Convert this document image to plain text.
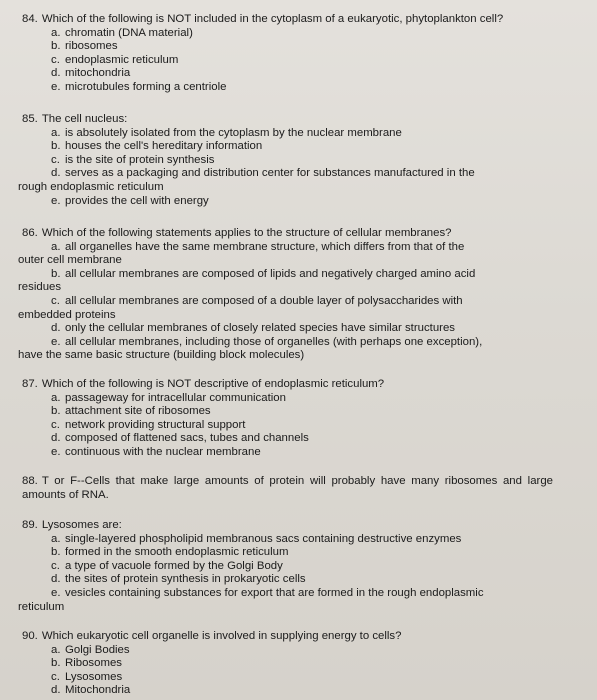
84. Which of the following is NOT included in the cytoplasm of a eukaryotic, phytoplankton cell?
a. chromatin (DNA material)
b. ribosomes
c. endoplasmic reticulum
d. mitochondria
e. microtubules forming a centriole
85. The cell nucleus:
a. is absolutely isolated from the cytoplasm by the nuclear membrane
b. houses the cell's hereditary information
c. is the site of protein synthesis
d. serves as a packaging and distribution center for substances manufactured in the
rough endoplasmic reticulum
e. provides the cell with energy
86. Which of the following statements applies to the structure of cellular membranes?
a. all organelles have the same membrane structure, which differs from that of the
outer cell membrane
b. all cellular membranes are composed of lipids and negatively charged amino acid
residues
c. all cellular membranes are composed of a double layer of polysaccharides with
embedded proteins
d. only the cellular membranes of closely related species have similar structures
e. all cellular membranes, including those of organelles (with perhaps one exception),
have the same basic structure (building block molecules)
87. Which of the following is NOT descriptive of endoplasmic reticulum?
a. passageway for intracellular communication
b. attachment site of ribosomes
c. network providing structural support
d. composed of flattened sacs, tubes and channels
e. continuous with the nuclear membrane
88. T or F--Cells that make large amounts of protein will probably have many ribosomes and large amounts of RNA.
89. Lysosomes are:
a. single-layered phospholipid membranous sacs containing destructive enzymes
b. formed in the smooth endoplasmic reticulum
c. a type of vacuole formed by the Golgi Body
d. the sites of protein synthesis in prokaryotic cells
e. vesicles containing substances for export that are formed in the rough endoplasmic
reticulum
90. Which eukaryotic cell organelle is involved in supplying energy to cells?
a. Golgi Bodies
b. Ribosomes
c. Lysosomes
d. Mitochondria
